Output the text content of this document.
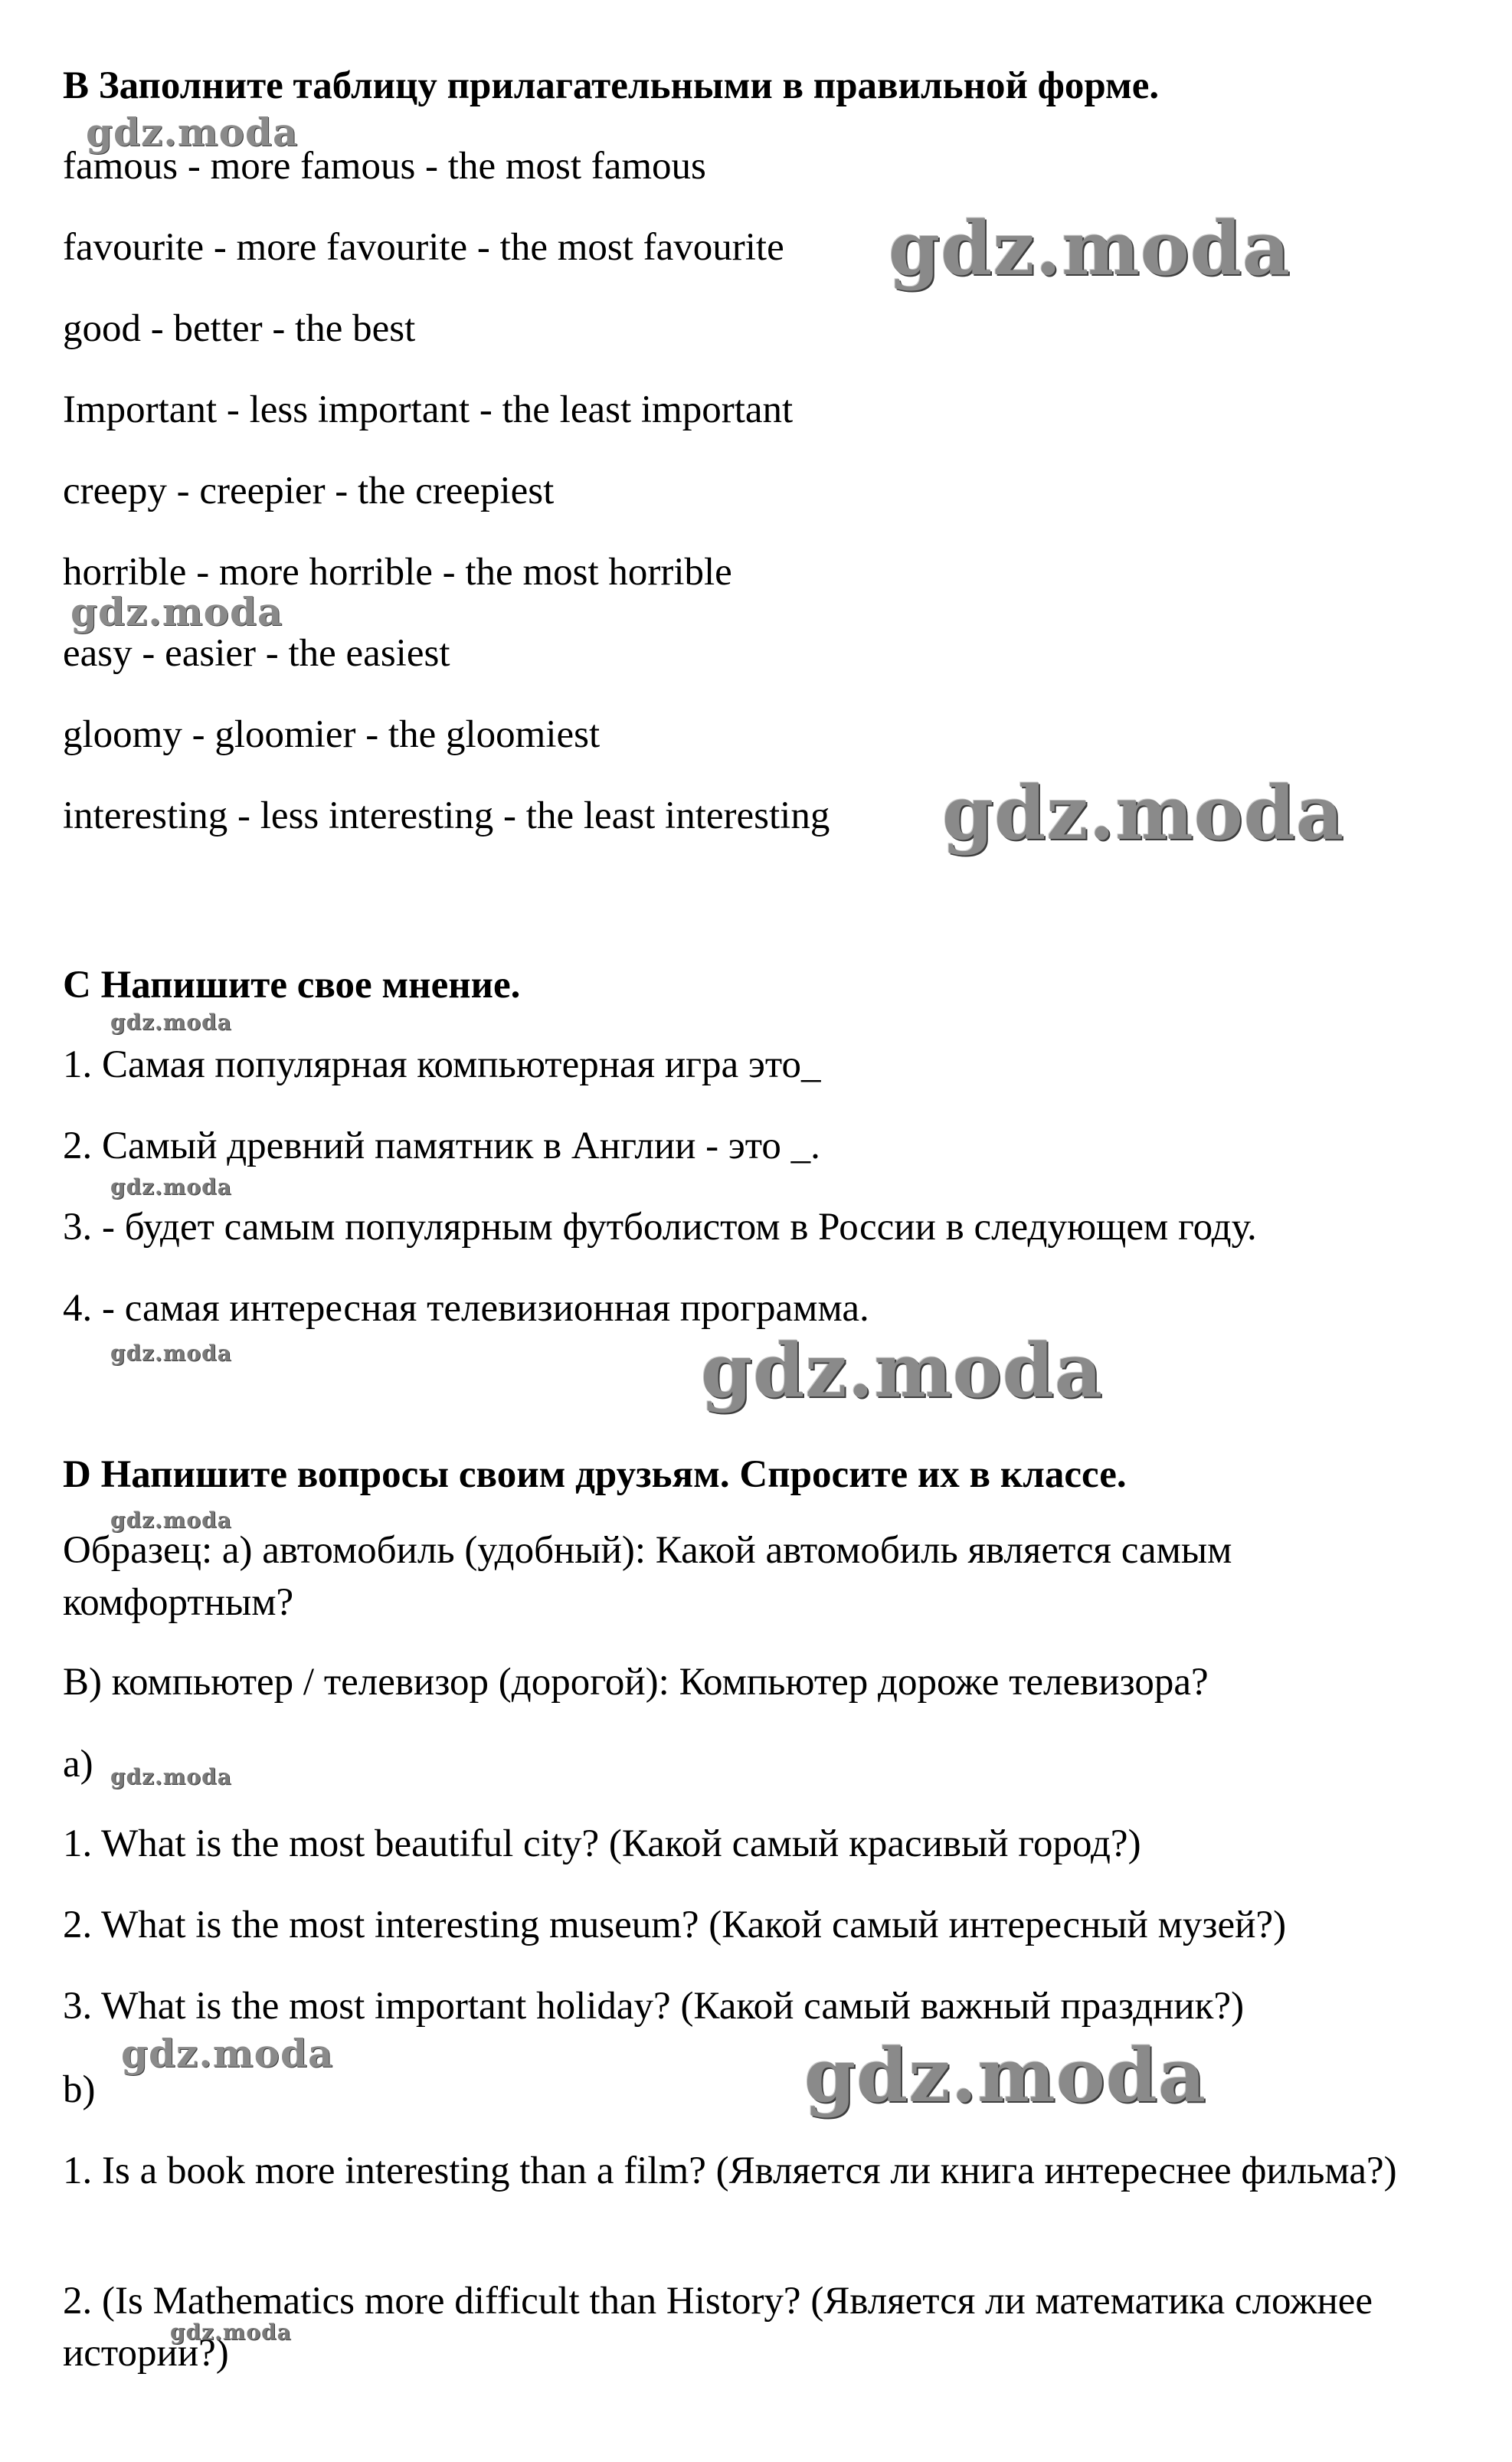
B Заполните таблицу прилагательными в правильной форме.

famous - more famous - the most famous

favourite - more favourite - the most favourite

good - better - the best

Important - less important - the least important

creepy - creepier - the creepiest

horrible - more horrible - the most horrible

easy - easier - the easiest

gloomy - gloomier - the gloomiest

interesting - less interesting - the least interesting

C Напишите свое мнение.

1. Самая популярная компьютерная игра это_

2. Самый древний памятник в Англии - это _.

3. - будет самым популярным футболистом в России в следующем году.

4. - самая интересная телевизионная программа.

D Напишите вопросы своим друзьям. Спросите их в классе.

Образец: а) автомобиль (удобный): Какой автомобиль является самым комфортным?

B) компьютер / телевизор (дорогой): Компьютер дороже телевизора?

a)

1. What is the most beautiful city? (Какой самый красивый город?)

2. What is the most interesting museum? (Какой самый интересный музей?)

3. What is the most important holiday? (Какой самый важный праздник?)

b)

1. Is a book more interesting than a film? (Является ли книга интереснее фильма?)

2. (Is Mathematics more difficult than History? (Является ли математика сложнее истории?)

gdz.moda
gdz.moda
gdz.moda
gdz.moda
gdz.moda
gdz.moda
gdz.moda	gdz.moda
gdz.moda
gdz.moda
gdz.moda	gdz.moda
gdz.moda
